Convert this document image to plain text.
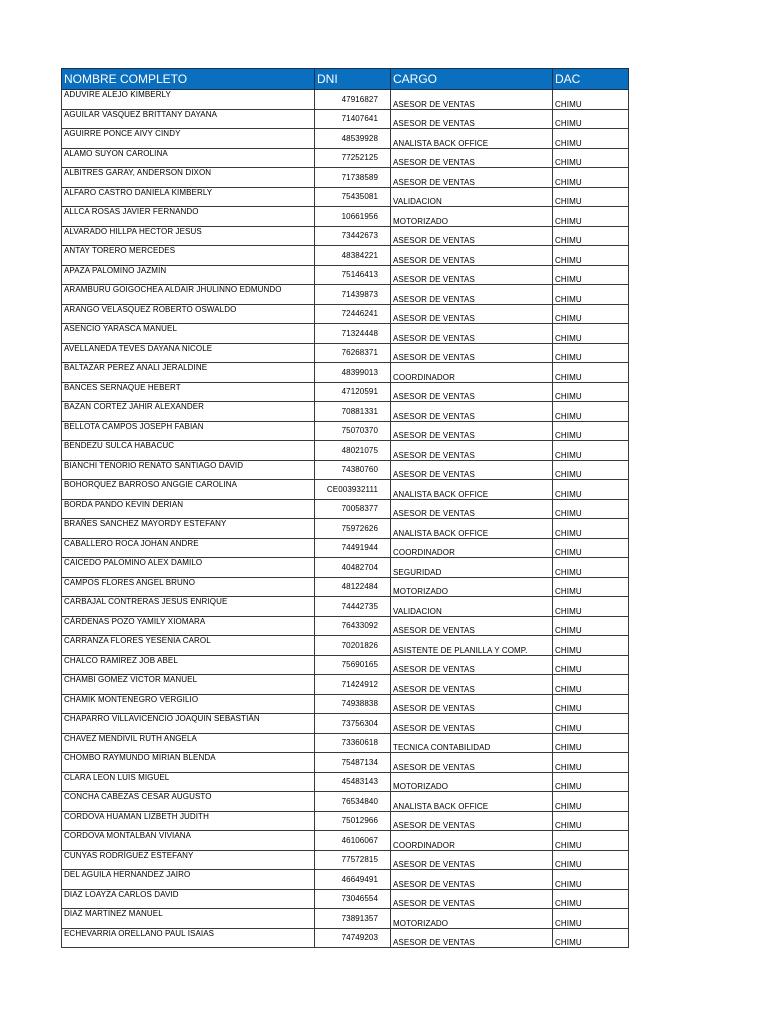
NOMBRE COMPLETO	DNI	CARGO	DAC
ADUVIRE ALEJO KIMBERLY	47916827	ASESOR DE VENTAS	CHIMU
AGUILAR VASQUEZ BRITTANY DAYANA	71407641	ASESOR DE VENTAS	CHIMU
AGUIRRE PONCE AIVY CINDY	48539928	ANALISTA BACK OFFICE	CHIMU
ALAMO SUYON CAROLINA	77252125	ASESOR DE VENTAS	CHIMU
ALBITRES GARAY, ANDERSON DIXON	71738589	ASESOR DE VENTAS	CHIMU
ALFARO CASTRO DANIELA KIMBERLY	75435081	VALIDACION	CHIMU
ALLCA ROSAS JAVIER FERNANDO	10661956	MOTORIZADO	CHIMU
ALVARADO HILLPA HECTOR JESUS	73442673	ASESOR DE VENTAS	CHIMU
ANTAY TORERO MERCEDES	48384221	ASESOR DE VENTAS	CHIMU
APAZA PALOMINO JAZMIN	75146413	ASESOR DE VENTAS	CHIMU
ARAMBURU GOIGOCHEA ALDAIR JHULINNO EDMUNDO	71439873	ASESOR DE VENTAS	CHIMU
ARANGO VELASQUEZ ROBERTO OSWALDO	72446241	ASESOR DE VENTAS	CHIMU
ASENCIO YARASCA MANUEL	71324448	ASESOR DE VENTAS	CHIMU
AVELLANEDA TEVES DAYANA NICOLE	76268371	ASESOR DE VENTAS	CHIMU
BALTAZAR PEREZ ANALI JERALDINE	48399013	COORDINADOR	CHIMU
BANCES SERNAQUE HEBERT	47120591	ASESOR DE VENTAS	CHIMU
BAZAN CORTEZ JAHIR ALEXANDER	70881331	ASESOR DE VENTAS	CHIMU
BELLOTA CAMPOS JOSEPH FABIAN	75070370	ASESOR DE VENTAS	CHIMU
BENDEZU SULCA HABACUC	48021075	ASESOR DE VENTAS	CHIMU
BIANCHI TENORIO RENATO SANTIAGO DAVID	74380760	ASESOR DE VENTAS	CHIMU
BOHORQUEZ BARROSO ANGGIE CAROLINA	CE003932111	ANALISTA BACK OFFICE	CHIMU
BORDA PANDO KEVIN DERIAN	70058377	ASESOR DE VENTAS	CHIMU
BRAÑES SANCHEZ MAYORDY ESTEFANY	75972626	ANALISTA BACK OFFICE	CHIMU
CABALLERO ROCA JOHAN ANDRE	74491944	COORDINADOR	CHIMU
CAICEDO PALOMINO ALEX DAMILO	40482704	SEGURIDAD	CHIMU
CAMPOS FLORES ANGEL BRUNO	48122484	MOTORIZADO	CHIMU
CARBAJAL CONTRERAS JESUS ENRIQUE	74442735	VALIDACION	CHIMU
CÁRDENAS POZO YAMILY XIOMARA	76433092	ASESOR DE VENTAS	CHIMU
CARRANZA FLORES YESENIA CAROL	70201826	ASISTENTE DE PLANILLA Y COMP.	CHIMU
CHALCO RAMIREZ JOB ABEL	75690165	ASESOR DE VENTAS	CHIMU
CHAMBI GOMEZ VICTOR MANUEL	71424912	ASESOR DE VENTAS	CHIMU
CHAMIK MONTENEGRO VERGILIO	74938838	ASESOR DE VENTAS	CHIMU
CHAPARRO VILLAVICENCIO JOAQUIN SEBASTIÁN	73756304	ASESOR DE VENTAS	CHIMU
CHAVEZ MENDIVIL RUTH ANGELA	73360618	TECNICA CONTABILIDAD	CHIMU
CHOMBO RAYMUNDO MIRIAN BLENDA	75487134	ASESOR DE VENTAS	CHIMU
CLARA LEON LUIS MIGUEL	45483143	MOTORIZADO	CHIMU
CONCHA CABEZAS CESAR AUGUSTO	76534840	ANALISTA BACK OFFICE	CHIMU
CORDOVA HUAMAN LIZBETH JUDITH	75012966	ASESOR DE VENTAS	CHIMU
CORDOVA MONTALBAN VIVIANA	46106067	COORDINADOR	CHIMU
CUNYAS RODRÍGUEZ ESTEFANY	77572815	ASESOR DE VENTAS	CHIMU
DEL AGUILA HERNANDEZ JAIRO	46649491	ASESOR DE VENTAS	CHIMU
DIAZ LOAYZA CARLOS DAVID	73046554	ASESOR DE VENTAS	CHIMU
DIAZ MARTINEZ MANUEL	73891357	MOTORIZADO	CHIMU
ECHEVARRIA ORELLANO PAUL ISAIAS	74749203	ASESOR DE VENTAS	CHIMU
